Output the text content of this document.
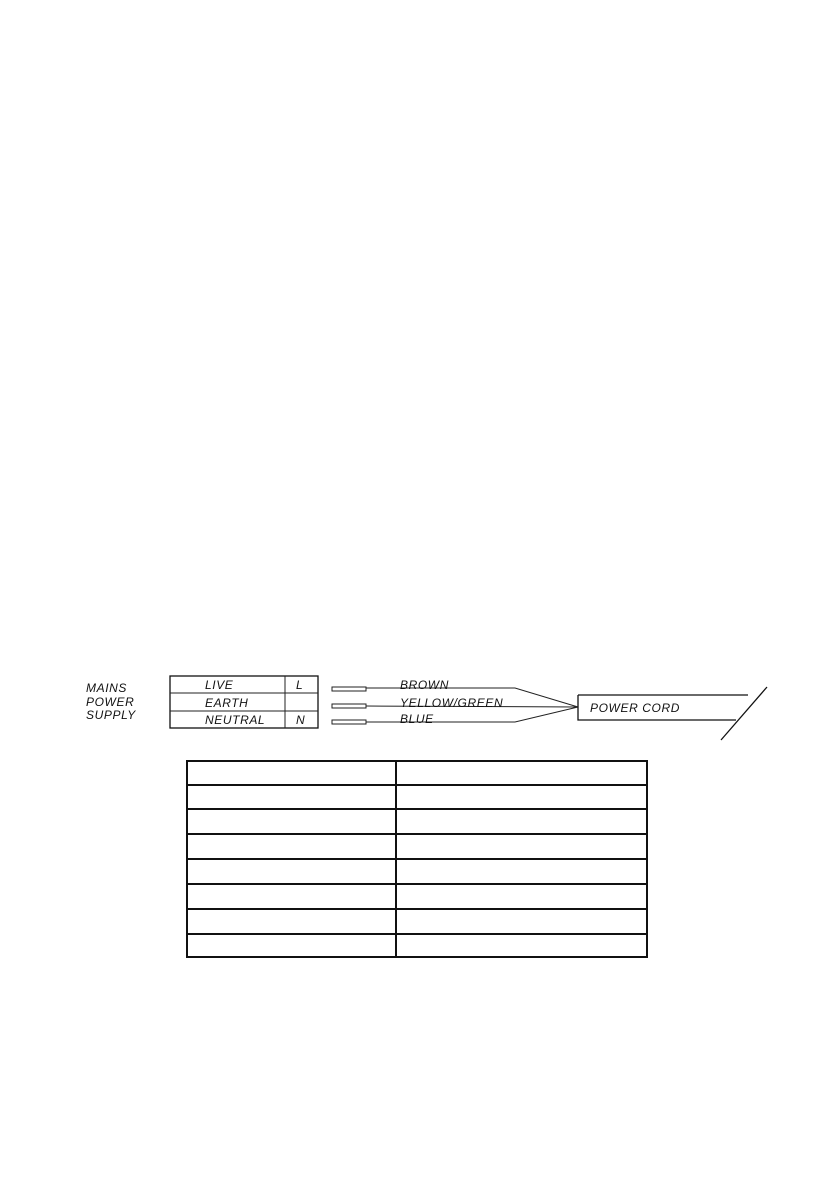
MAINS
POWER
SUPPLY
LIVE	L
EARTH
NEUTRAL	N
BROWN
YELLOW/GREEN
BLUE
POWER CORD
